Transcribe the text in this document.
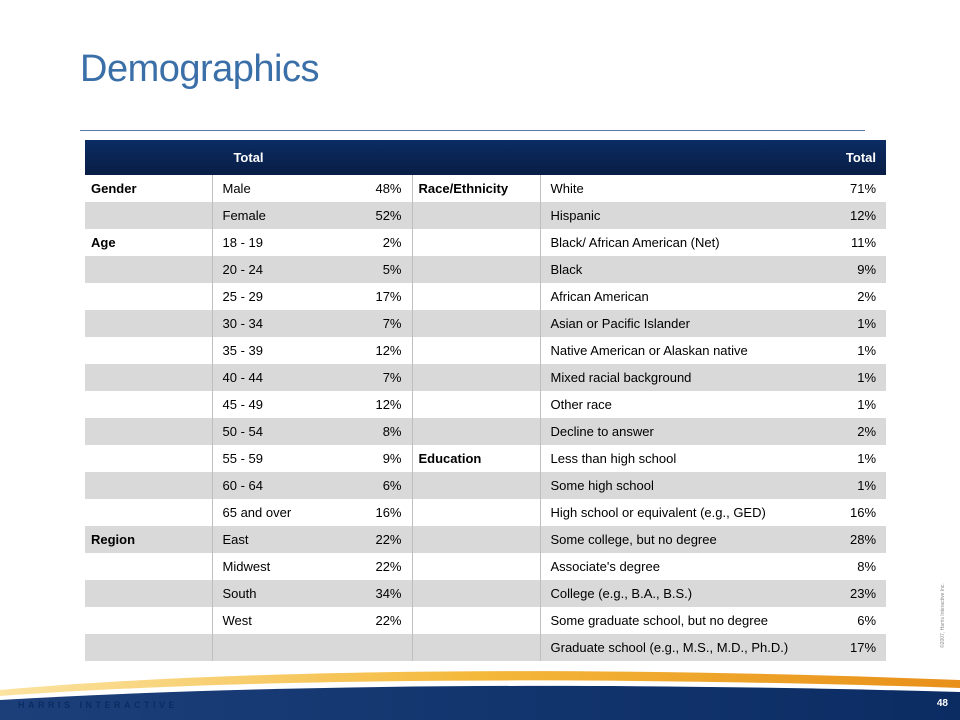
Demographics
Total			Total		
Gender	Male	48%	Race/Ethnicity	White	71%
	Female	52%		Hispanic	12%
Age	18 - 19	2%		Black/ African American (Net)	11%
	20 - 24	5%		Black	9%
	25 - 29	17%		African American	2%
	30 - 34	7%		Asian or Pacific Islander	1%
	35 - 39	12%		Native American or Alaskan native	1%
	40 - 44	7%		Mixed racial background	1%
	45 - 49	12%		Other race	1%
	50 - 54	8%		Decline to answer	2%
	55 - 59	9%	Education	Less than high school	1%
	60 - 64	6%		Some high school	1%
	65 and over	16%		High school or equivalent (e.g., GED)	16%
Region	East	22%		Some college, but no degree	28%
	Midwest	22%		Associate's degree	8%
	South	34%		College (e.g., B.A., B.S.)	23%
	West	22%		Some graduate school, but no degree	6%
				Graduate school (e.g., M.S., M.D., Ph.D.)	17%	©2007, Harris Interactive Inc.
HARRIS INTERACTIVE	48
